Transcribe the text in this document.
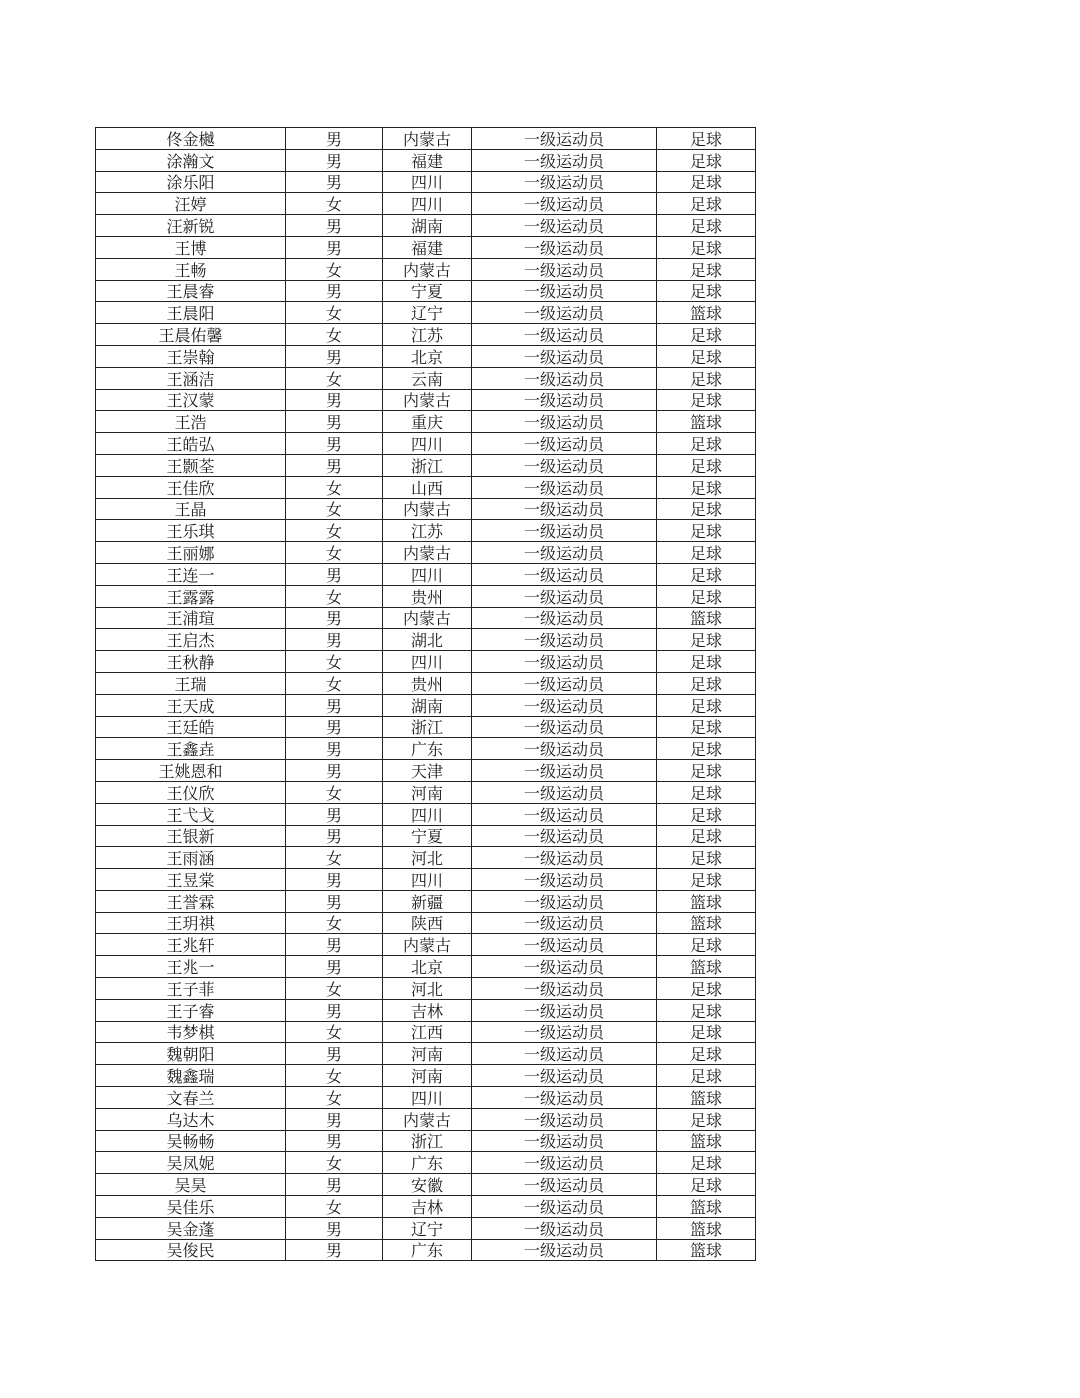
佟金樾	男	内蒙古	一级运动员	足球
涂瀚文	男	福建	一级运动员	足球
涂乐阳	男	四川	一级运动员	足球
汪婷	女	四川	一级运动员	足球
汪新锐	男	湖南	一级运动员	足球
王博	男	福建	一级运动员	足球
王畅	女	内蒙古	一级运动员	足球
王晨睿	男	宁夏	一级运动员	足球
王晨阳	女	辽宁	一级运动员	篮球
王晨佑馨	女	江苏	一级运动员	足球
王崇翰	男	北京	一级运动员	足球
王涵洁	女	云南	一级运动员	足球
王汉蒙	男	内蒙古	一级运动员	足球
王浩	男	重庆	一级运动员	篮球
王皓弘	男	四川	一级运动员	足球
王颢荃	男	浙江	一级运动员	足球
王佳欣	女	山西	一级运动员	足球
王晶	女	内蒙古	一级运动员	足球
王乐琪	女	江苏	一级运动员	足球
王丽娜	女	内蒙古	一级运动员	足球
王连一	男	四川	一级运动员	足球
王露露	女	贵州	一级运动员	足球
王浦瑄	男	内蒙古	一级运动员	篮球
王启杰	男	湖北	一级运动员	足球
王秋静	女	四川	一级运动员	足球
王瑞	女	贵州	一级运动员	足球
王天成	男	湖南	一级运动员	足球
王廷皓	男	浙江	一级运动员	足球
王鑫垚	男	广东	一级运动员	足球
王姚恩和	男	天津	一级运动员	足球
王仪欣	女	河南	一级运动员	足球
王弋戈	男	四川	一级运动员	足球
王银新	男	宁夏	一级运动员	足球
王雨涵	女	河北	一级运动员	足球
王昱棠	男	四川	一级运动员	足球
王誉霖	男	新疆	一级运动员	篮球
王玥祺	女	陕西	一级运动员	篮球
王兆轩	男	内蒙古	一级运动员	足球
王兆一	男	北京	一级运动员	篮球
王子菲	女	河北	一级运动员	足球
王子睿	男	吉林	一级运动员	足球
韦梦棋	女	江西	一级运动员	足球
魏朝阳	男	河南	一级运动员	足球
魏鑫瑞	女	河南	一级运动员	足球
文春兰	女	四川	一级运动员	篮球
乌达木	男	内蒙古	一级运动员	足球
吴畅畅	男	浙江	一级运动员	篮球
吴凤妮	女	广东	一级运动员	足球
吴昊	男	安徽	一级运动员	足球
吴佳乐	女	吉林	一级运动员	篮球
吴金蓬	男	辽宁	一级运动员	篮球
吴俊民	男	广东	一级运动员	篮球
